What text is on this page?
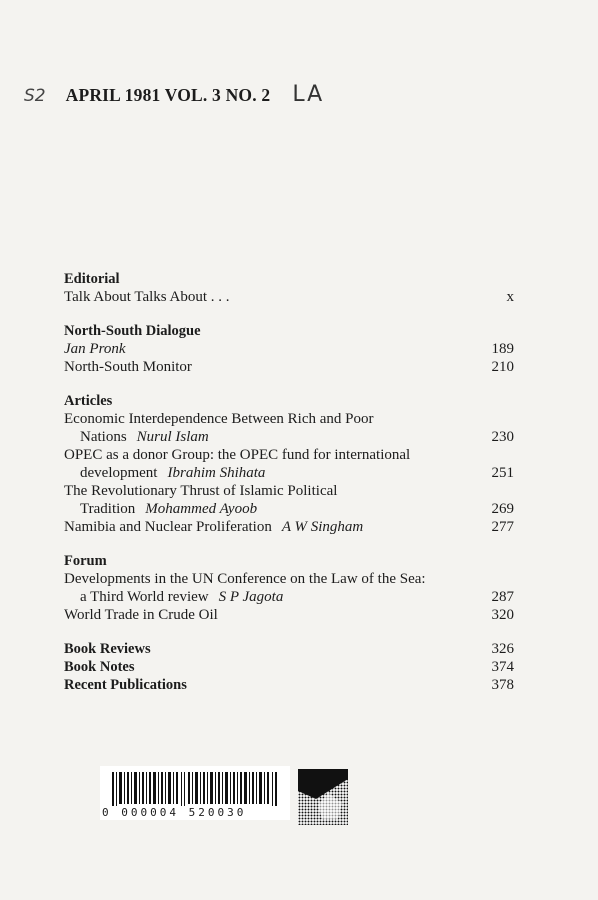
S2 APRIL 1981 VOL. 3 NO. 2 LA
Editorial
Talk About Talks About . . .	x
North-South Dialogue
Jan Pronk	189
North-South Monitor	210
Articles
Economic Interdependence Between Rich and Poor
Nations Nurul Islam	230
OPEC as a donor Group: the OPEC fund for international
development Ibrahim Shihata	251
The Revolutionary Thrust of Islamic Political
Tradition Mohammed Ayoob	269
Namibia and Nuclear Proliferation A W Singham	277
Forum
Developments in the UN Conference on the Law of the Sea:
a Third World review S P Jagota	287
World Trade in Crude Oil	320
Book Reviews	326
Book Notes	374
Recent Publications	378
0 000004 520030
